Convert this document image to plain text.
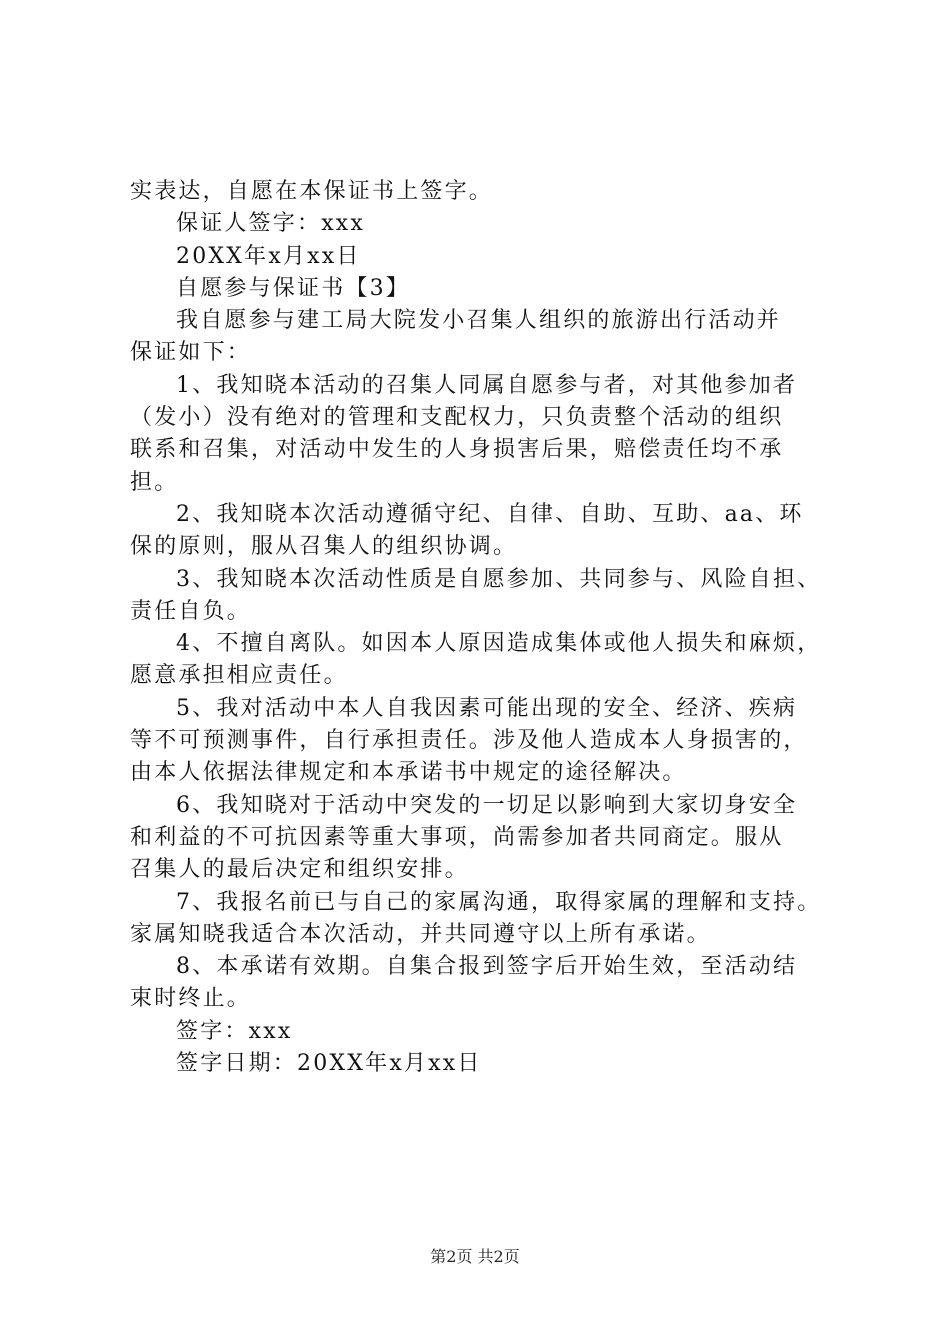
实表达，自愿在本保证书上签字。
保证人签字：xxx
20XX年x月xx日
自愿参与保证书【3】
我自愿参与建工局大院发小召集人组织的旅游出行活动并
保证如下：
1、我知晓本活动的召集人同属自愿参与者，对其他参加者
（发小）没有绝对的管理和支配权力，只负责整个活动的组织
联系和召集，对活动中发生的人身损害后果，赔偿责任均不承
担。
2、我知晓本次活动遵循守纪、自律、自助、互助、aa、环
保的原则，服从召集人的组织协调。
3、我知晓本次活动性质是自愿参加、共同参与、风险自担、
责任自负。
4、不擅自离队。如因本人原因造成集体或他人损失和麻烦，
愿意承担相应责任。
5、我对活动中本人自我因素可能出现的安全、经济、疾病
等不可预测事件，自行承担责任。涉及他人造成本人身损害的，
由本人依据法律规定和本承诺书中规定的途径解决。
6、我知晓对于活动中突发的一切足以影响到大家切身安全
和利益的不可抗因素等重大事项，尚需参加者共同商定。服从
召集人的最后决定和组织安排。
7、我报名前已与自己的家属沟通，取得家属的理解和支持。
家属知晓我适合本次活动，并共同遵守以上所有承诺。
8、本承诺有效期。自集合报到签字后开始生效，至活动结
束时终止。
签字：xxx
签字日期：20XX年x月xx日
第2页 共2页
